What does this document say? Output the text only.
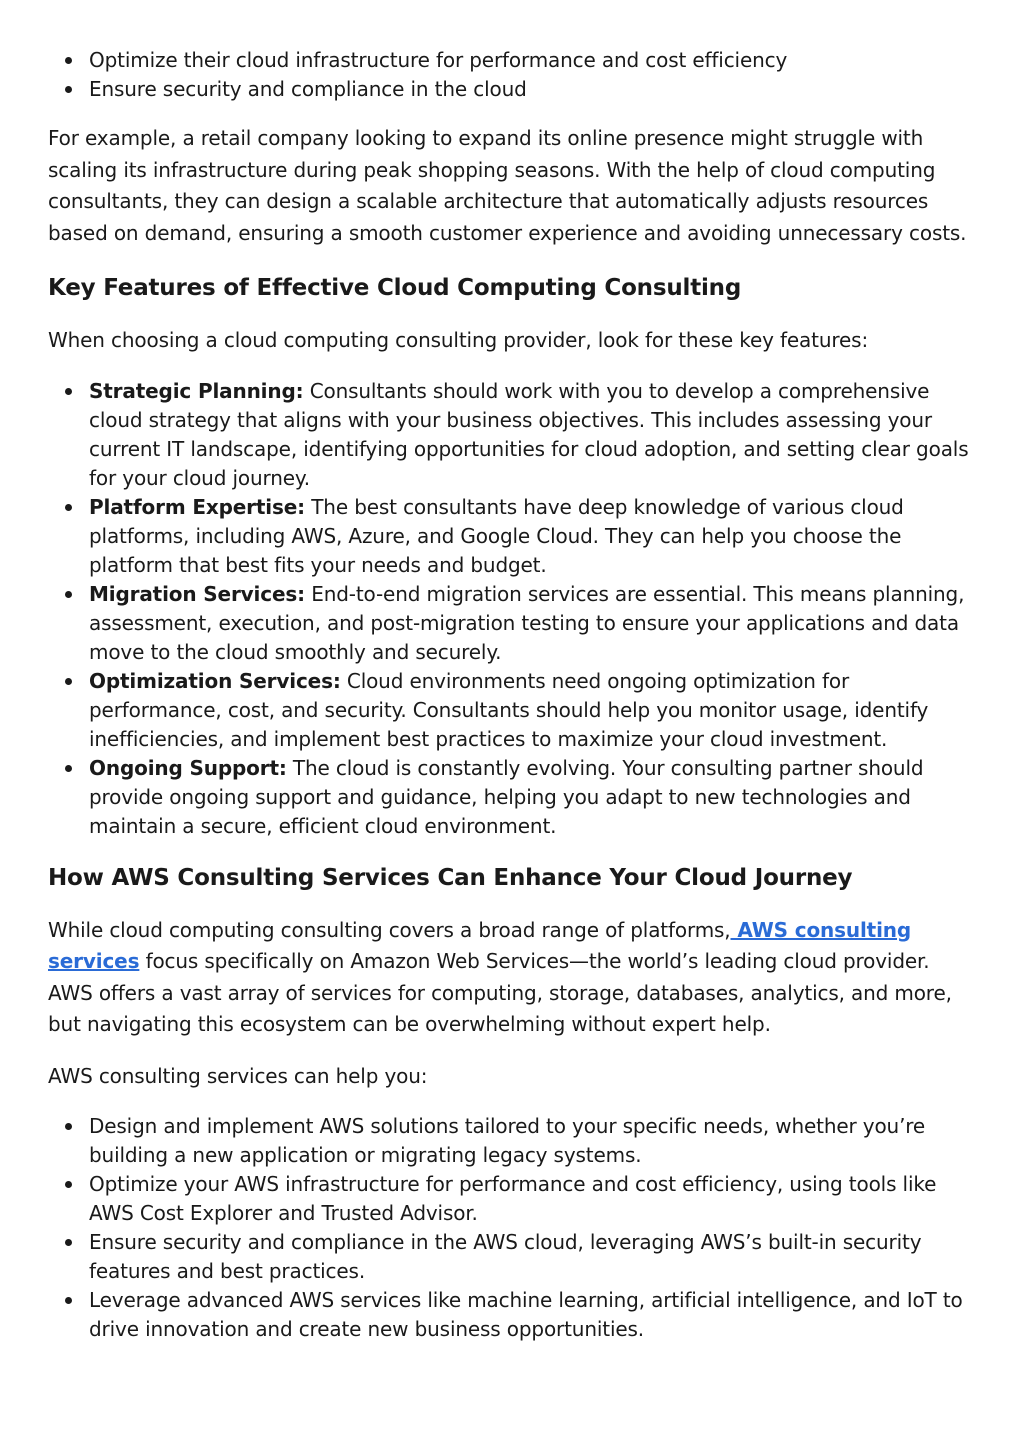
Optimize their cloud infrastructure for performance and cost efficiency
Ensure security and compliance in the cloud

For example, a retail company looking to expand its online presence might struggle with scaling its infrastructure during peak shopping seasons. With the help of cloud computing consultants, they can design a scalable architecture that automatically adjusts resources based on demand, ensuring a smooth customer experience and avoiding unnecessary costs.

Key Features of Effective Cloud Computing Consulting

When choosing a cloud computing consulting provider, look for these key features:

Strategic Planning: Consultants should work with you to develop a comprehensive cloud strategy that aligns with your business objectives. This includes assessing your current IT landscape, identifying opportunities for cloud adoption, and setting clear goals for your cloud journey.
Platform Expertise: The best consultants have deep knowledge of various cloud platforms, including AWS, Azure, and Google Cloud. They can help you choose the platform that best fits your needs and budget.
Migration Services: End-to-end migration services are essential. This means planning, assessment, execution, and post-migration testing to ensure your applications and data move to the cloud smoothly and securely.
Optimization Services: Cloud environments need ongoing optimization for performance, cost, and security. Consultants should help you monitor usage, identify inefficiencies, and implement best practices to maximize your cloud investment.
Ongoing Support: The cloud is constantly evolving. Your consulting partner should provide ongoing support and guidance, helping you adapt to new technologies and maintain a secure, efficient cloud environment.
How AWS Consulting Services Can Enhance Your Cloud Journey

While cloud computing consulting covers a broad range of platforms, AWS consulting services focus specifically on Amazon Web Services—the world’s leading cloud provider. AWS offers a vast array of services for computing, storage, databases, analytics, and more, but navigating this ecosystem can be overwhelming without expert help.

AWS consulting services can help you:

Design and implement AWS solutions tailored to your specific needs, whether you’re building a new application or migrating legacy systems.
Optimize your AWS infrastructure for performance and cost efficiency, using tools like AWS Cost Explorer and Trusted Advisor.
Ensure security and compliance in the AWS cloud, leveraging AWS’s built-in security features and best practices.
Leverage advanced AWS services like machine learning, artificial intelligence, and IoT to drive innovation and create new business opportunities.
